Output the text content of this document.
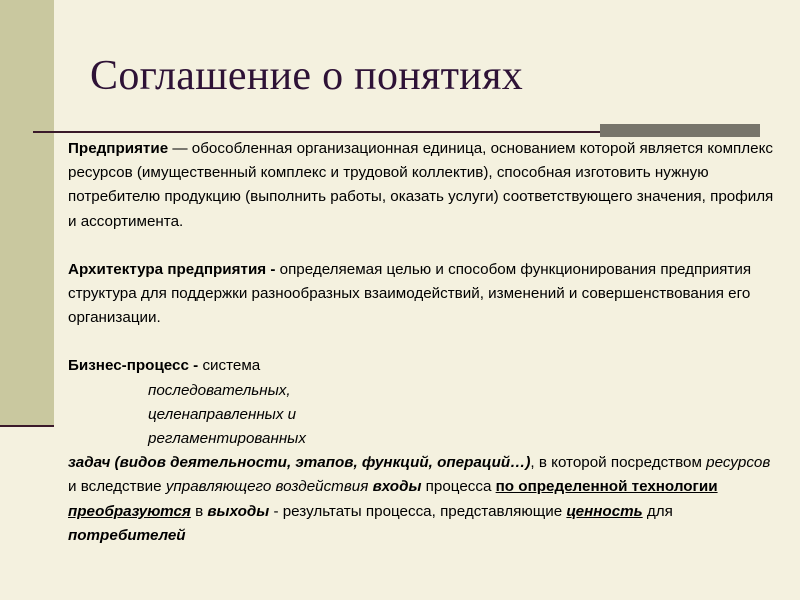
Соглашение о понятиях

Предприятие — обособленная организационная единица, основанием которой является комплекс ресурсов (имущественный комплекс и трудовой коллектив), способная изготовить нужную потребителю продукцию (выполнить работы, оказать услуги) соответствующего значения, профиля и ассортимента.

Архитектура предприятия - определяемая целью и способом функционирования предприятия структура для поддержки разнообразных взаимодействий, изменений и совершенствования его организации.

Бизнес-процесс - система

последовательных,

целенаправленных и

регламентированных

задач (видов деятельности, этапов, функций, операций…), в которой посредством ресурсов и вследствие управляющего воздействия входы процесса по определенной технологии преобразуются в выходы - результаты процесса, представляющие ценность для потребителей
